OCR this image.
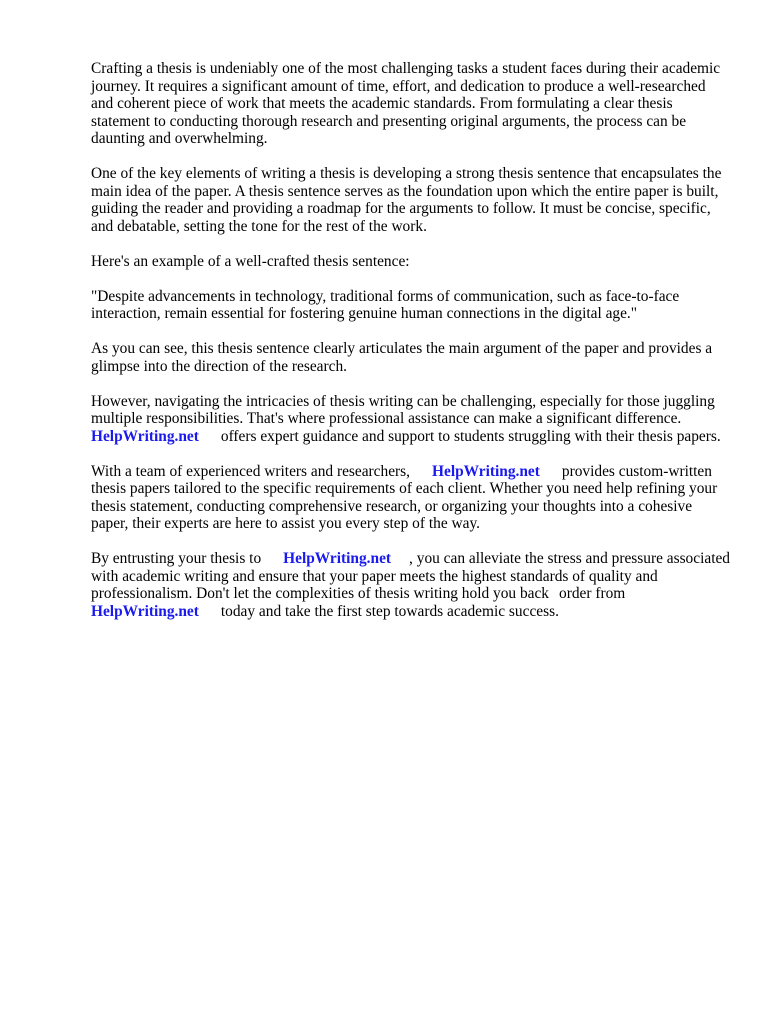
Crafting a thesis is undeniably one of the most challenging tasks a student faces during their academic journey. It requires a significant amount of time, effort, and dedication to produce a well-researched and coherent piece of work that meets the academic standards. From formulating a clear thesis statement to conducting thorough research and presenting original arguments, the process can be daunting and overwhelming.

One of the key elements of writing a thesis is developing a strong thesis sentence that encapsulates the main idea of the paper. A thesis sentence serves as the foundation upon which the entire paper is built, guiding the reader and providing a roadmap for the arguments to follow. It must be concise, specific, and debatable, setting the tone for the rest of the work.

Here's an example of a well-crafted thesis sentence:

"Despite advancements in technology, traditional forms of communication, such as face-to-face interaction, remain essential for fostering genuine human connections in the digital age."

As you can see, this thesis sentence clearly articulates the main argument of the paper and provides a glimpse into the direction of the research.

However, navigating the intricacies of thesis writing can be challenging, especially for those juggling multiple responsibilities. That's where professional assistance can make a significant difference.
HelpWriting.net offers expert guidance and support to students struggling with their thesis papers.

With a team of experienced writers and researchers, HelpWriting.net provides custom-written thesis papers tailored to the specific requirements of each client. Whether you need help refining your thesis statement, conducting comprehensive research, or organizing your thoughts into a cohesive paper, their experts are here to assist you every step of the way.

By entrusting your thesis to HelpWriting.net , you can alleviate the stress and pressure associated with academic writing and ensure that your paper meets the highest standards of quality and professionalism. Don't let the complexities of thesis writing hold you back order from
HelpWriting.net today and take the first step towards academic success.
